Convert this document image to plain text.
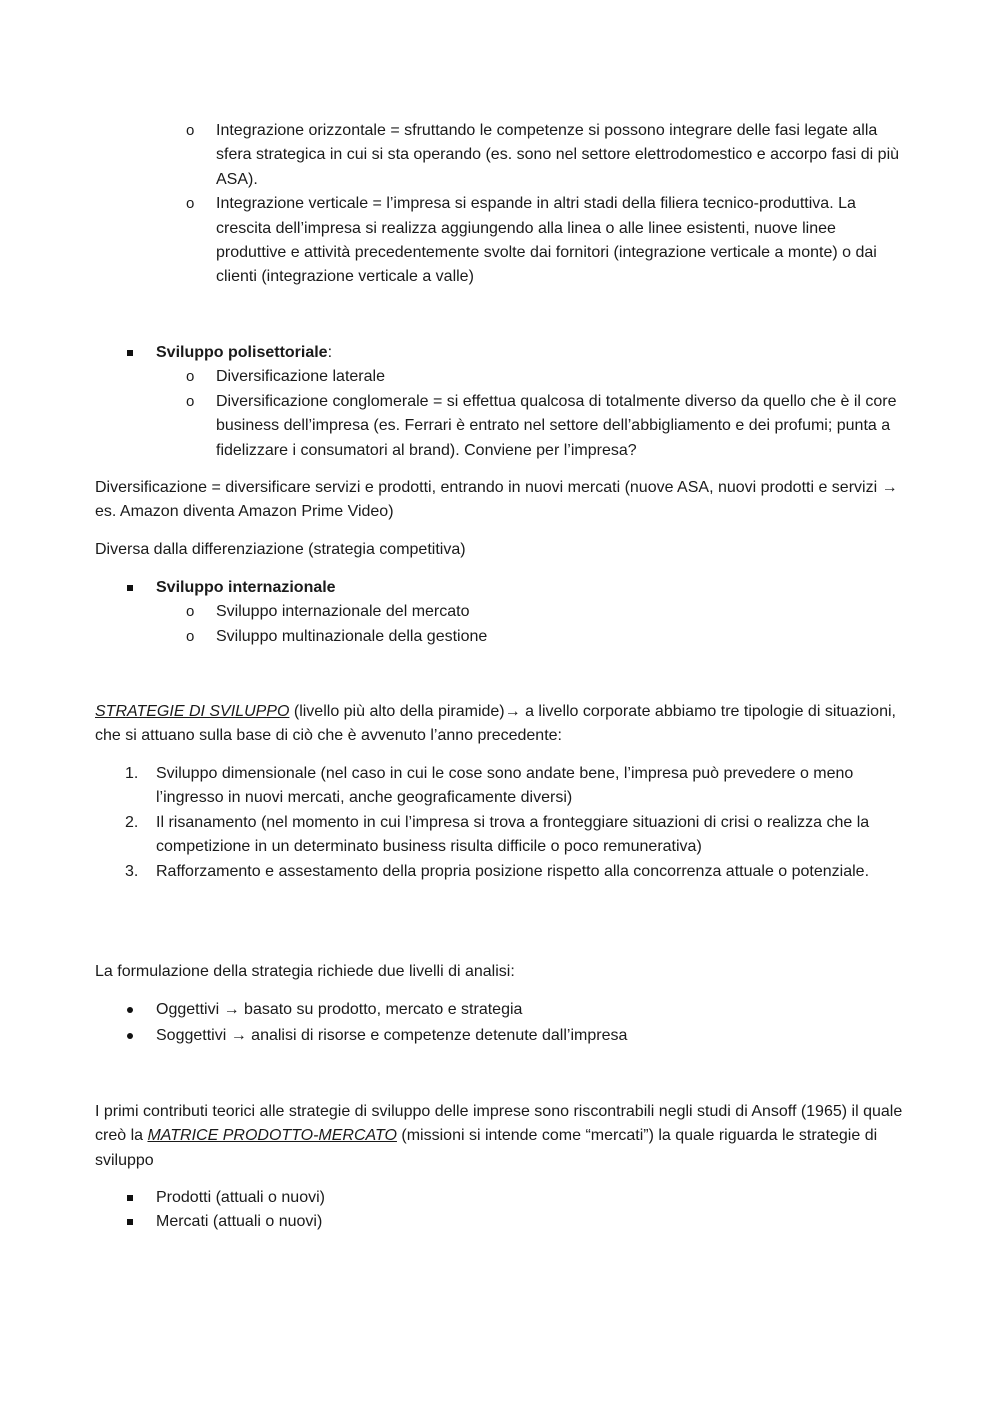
o Integrazione orizzontale = sfruttando le competenze si possono integrare delle fasi legate alla sfera strategica in cui si sta operando (es. sono nel settore elettrodomestico e accorpo fasi di più ASA).

o Integrazione verticale = l’impresa si espande in altri stadi della filiera tecnico-produttiva. La crescita dell’impresa si realizza aggiungendo alla linea o alle linee esistenti, nuove linee produttive e attività precedentemente svolte dai fornitori (integrazione verticale a monte) o dai clienti (integrazione verticale a valle)

Sviluppo polisettoriale:

o Diversificazione laterale

o Diversificazione conglomerale = si effettua qualcosa di totalmente diverso da quello che è il core business dell’impresa (es. Ferrari è entrato nel settore dell’abbigliamento e dei profumi; punta a fidelizzare i consumatori al brand). Conviene per l’impresa?

Diversificazione = diversificare servizi e prodotti, entrando in nuovi mercati (nuove ASA, nuovi prodotti e servizi → es. Amazon diventa Amazon Prime Video)

Diversa dalla differenziazione (strategia competitiva)

Sviluppo internazionale

o Sviluppo internazionale del mercato

o Sviluppo multinazionale della gestione

STRATEGIE DI SVILUPPO (livello più alto della piramide)→ a livello corporate abbiamo tre tipologie di situazioni, che si attuano sulla base di ciò che è avvenuto l’anno precedente:

1. Sviluppo dimensionale (nel caso in cui le cose sono andate bene, l’impresa può prevedere o meno l’ingresso in nuovi mercati, anche geograficamente diversi)

2. Il risanamento (nel momento in cui l’impresa si trova a fronteggiare situazioni di crisi o realizza che la competizione in un determinato business risulta difficile o poco remunerativa)

3. Rafforzamento e assestamento della propria posizione rispetto alla concorrenza attuale o potenziale.

La formulazione della strategia richiede due livelli di analisi:

Oggettivi → basato su prodotto, mercato e strategia

Soggettivi → analisi di risorse e competenze detenute dall’impresa

I primi contributi teorici alle strategie di sviluppo delle imprese sono riscontrabili negli studi di Ansoff (1965) il quale creò la MATRICE PRODOTTO-MERCATO (missioni si intende come “mercati”) la quale riguarda le strategie di sviluppo

Prodotti (attuali o nuovi)

Mercati (attuali o nuovi)
